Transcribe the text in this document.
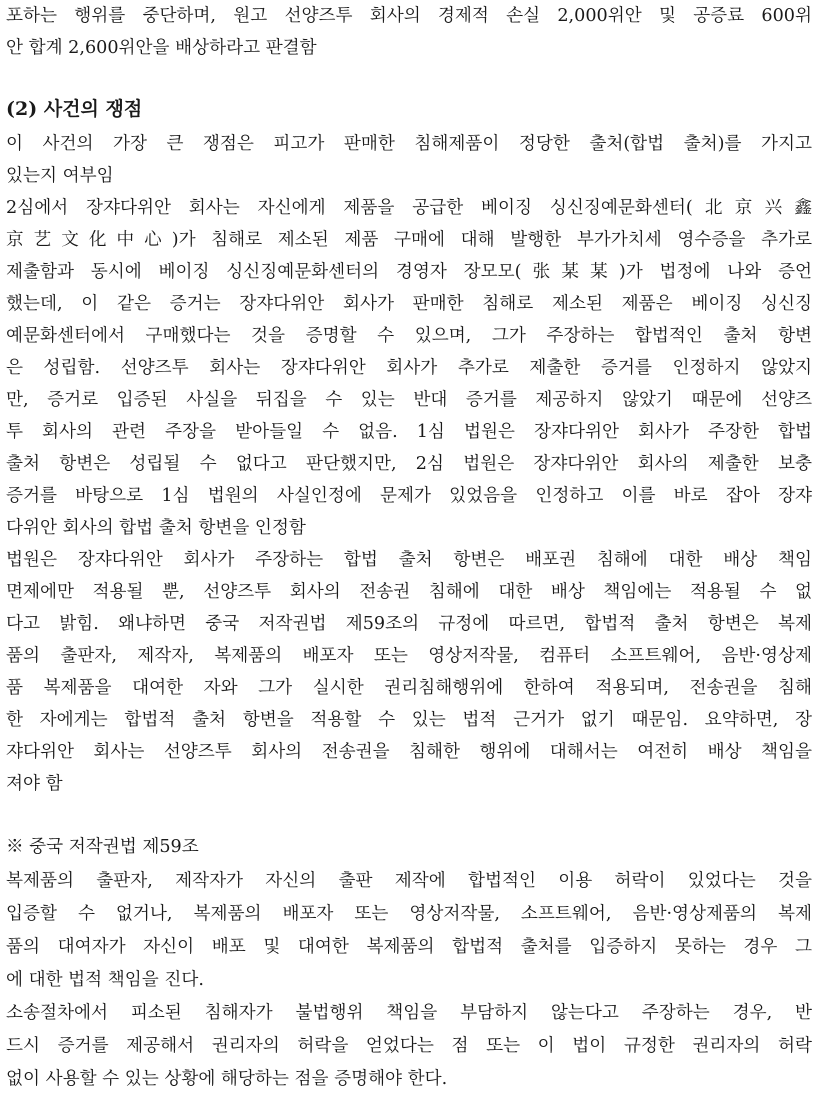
포하는 행위를 중단하며, 원고 선양즈투 회사의 경제적 손실 2,000위안 및 공증료 600위
안 합계 2,600위안을 배상하라고 판결함
(2) 사건의 쟁점
이 사건의 가장 큰 쟁점은 피고가 판매한 침해제품이 정당한 출처(합법 출처)를 가지고
있는지 여부임
2심에서 장쟈다위안 회사는 자신에게 제품을 공급한 베이징 싱신징예문화센터(北京兴鑫
京艺文化中心)가 침해로 제소된 제품 구매에 대해 발행한 부가가치세 영수증을 추가로
제출함과 동시에 베이징 싱신징예문화센터의 경영자 장모모(张某某)가 법정에 나와 증언
했는데, 이 같은 증거는 장쟈다위안 회사가 판매한 침해로 제소된 제품은 베이징 싱신징
예문화센터에서 구매했다는 것을 증명할 수 있으며, 그가 주장하는 합법적인 출처 항변
은 성립함. 선양즈투 회사는 장쟈다위안 회사가 추가로 제출한 증거를 인정하지 않았지
만, 증거로 입증된 사실을 뒤집을 수 있는 반대 증거를 제공하지 않았기 때문에 선양즈
투 회사의 관련 주장을 받아들일 수 없음. 1심 법원은 장쟈다위안 회사가 주장한 합법
출처 항변은 성립될 수 없다고 판단했지만, 2심 법원은 장쟈다위안 회사의 제출한 보충
증거를 바탕으로 1심 법원의 사실인정에 문제가 있었음을 인정하고 이를 바로 잡아 장쟈
다위안 회사의 합법 출처 항변을 인정함
법원은 장쟈다위안 회사가 주장하는 합법 출처 항변은 배포권 침해에 대한 배상 책임
면제에만 적용될 뿐, 선양즈투 회사의 전송권 침해에 대한 배상 책임에는 적용될 수 없
다고 밝힘. 왜냐하면 중국 저작권법 제59조의 규정에 따르면, 합법적 출처 항변은 복제
품의 출판자, 제작자, 복제품의 배포자 또는 영상저작물, 컴퓨터 소프트웨어, 음반·영상제
품 복제품을 대여한 자와 그가 실시한 권리침해행위에 한하여 적용되며, 전송권을 침해
한 자에게는 합법적 출처 항변을 적용할 수 있는 법적 근거가 없기 때문임. 요약하면, 장
쟈다위안 회사는 선양즈투 회사의 전송권을 침해한 행위에 대해서는 여전히 배상 책임을
져야 함
※ 중국 저작권법 제59조
복제품의 출판자, 제작자가 자신의 출판 제작에 합법적인 이용 허락이 있었다는 것을
입증할 수 없거나, 복제품의 배포자 또는 영상저작물, 소프트웨어, 음반·영상제품의 복제
품의 대여자가 자신이 배포 및 대여한 복제품의 합법적 출처를 입증하지 못하는 경우 그
에 대한 법적 책임을 진다.
소송절차에서 피소된 침해자가 불법행위 책임을 부담하지 않는다고 주장하는 경우, 반
드시 증거를 제공해서 권리자의 허락을 얻었다는 점 또는 이 법이 규정한 권리자의 허락
없이 사용할 수 있는 상황에 해당하는 점을 증명해야 한다.
